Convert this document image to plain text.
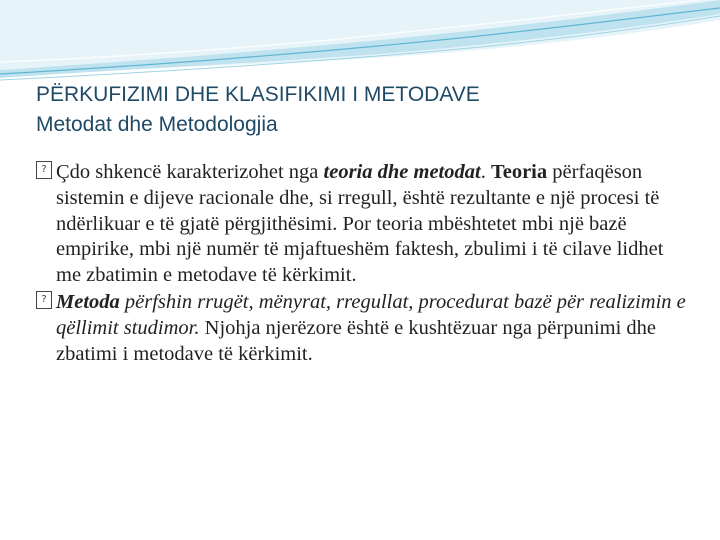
PËRKUFIZIMI DHE KLASIFIKIMI I METODAVE
Metodat dhe Metodologjia
? Çdo shkencë karakterizohet nga teoria dhe metodat. Teoria përfaqëson sistemin e dijeve racionale dhe, si rregull, është rezultante e një procesi të ndërlikuar e të gjatë përgjithësimi. Por teoria mbështetet mbi një bazë empirike, mbi një numër të mjaftueshëm faktesh, zbulimi i të cilave lidhet me zbatimin e metodave të kërkimit.
? Metoda përfshin rrugët, mënyrat, rregullat, procedurat bazë për realizimin e qëllimit studimor. Njohja njerëzore është e kushtëzuar nga përpunimi dhe zbatimi i metodave të kërkimit.
